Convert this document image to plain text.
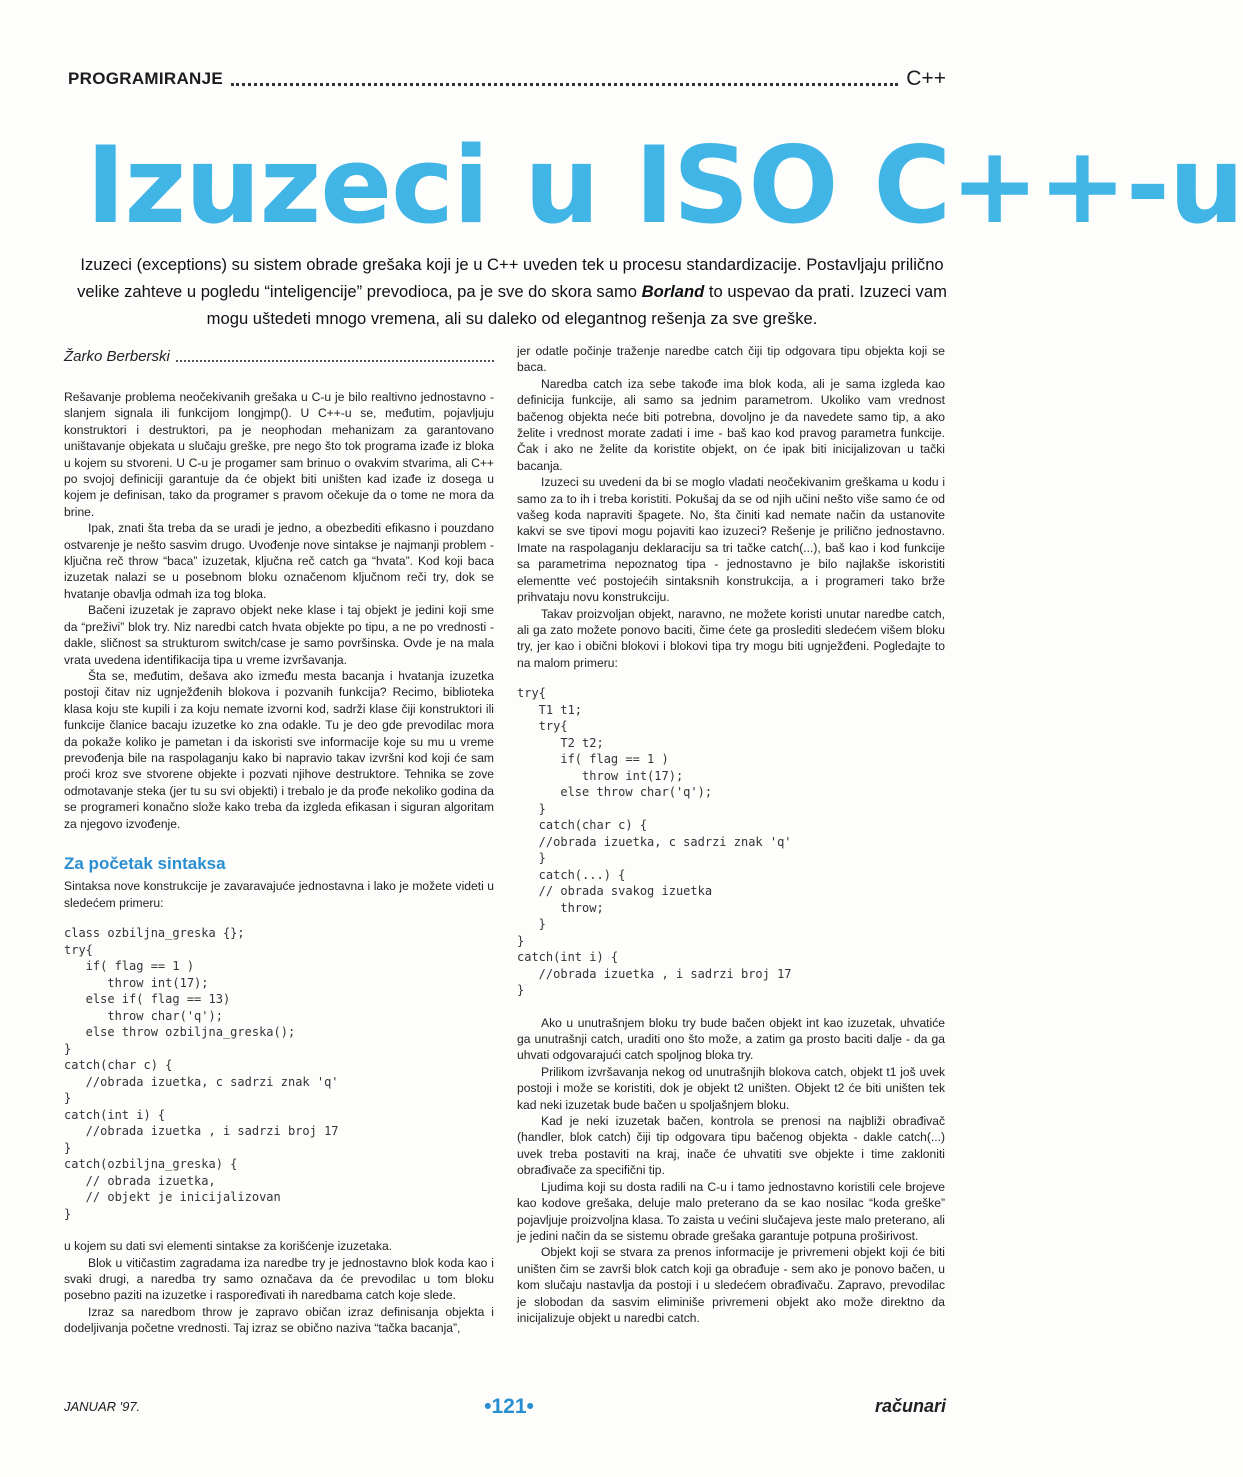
PROGRAMIRANJE	C++
Izuzeci u ISO C++-u

Izuzeci (exceptions) su sistem obrade grešaka koji je u C++ uveden tek u procesu standardizacije. Postavljaju prilično velike zahteve u pogledu “inteligencije” prevodioca, pa je sve do skora samo Borland to uspevao da prati. Izuzeci vam mogu uštedeti mnogo vremena, ali su daleko od elegantnog rešenja za sve greške.

Žarko Berberski

Rešavanje problema neočekivanih grešaka u C-u je bilo realtivno jednostavno - slanjem signala ili funkcijom longjmp(). U C++-u se, međutim, pojavljuju konstruktori i destruktori, pa je neophodan mehanizam za garantovano uništavanje objekata u slučaju greške, pre nego što tok programa izađe iz bloka u kojem su stvoreni. U C-u je progamer sam brinuo o ovakvim stvarima, ali C++ po svojoj definiciji garantuje da će objekt biti uništen kad izađe iz dosega u kojem je definisan, tako da programer s pravom očekuje da o tome ne mora da brine.

Ipak, znati šta treba da se uradi je jedno, a obezbediti efikasno i pouzdano ostvarenje je nešto sasvim drugo. Uvođenje nove sintakse je najmanji problem - ključna reč throw “baca” izuzetak, ključna reč catch ga “hvata”. Kod koji baca izuzetak nalazi se u posebnom bloku označenom ključnom reči try, dok se hvatanje obavlja odmah iza tog bloka.

Bačeni izuzetak je zapravo objekt neke klase i taj objekt je jedini koji sme da “preživi” blok try. Niz naredbi catch hvata objekte po tipu, a ne po vrednosti - dakle, sličnost sa strukturom switch/case je samo površinska. Ovde je na mala vrata uvedena identifikacija tipa u vreme izvršavanja.

Šta se, međutim, dešava ako između mesta bacanja i hvatanja izuzetka postoji čitav niz ugnježđenih blokova i pozvanih funkcija? Recimo, biblioteka klasa koju ste kupili i za koju nemate izvorni kod, sadrži klase čiji konstruktori ili funkcije članice bacaju izuzetke ko zna odakle. Tu je deo gde prevodilac mora da pokaže koliko je pametan i da iskoristi sve informacije koje su mu u vreme prevođenja bile na raspolaganju kako bi napravio takav izvršni kod koji će sam proći kroz sve stvorene objekte i pozvati njihove destruktore. Tehnika se zove odmotavanje steka (jer tu su svi objekti) i trebalo je da prođe nekoliko godina da se programeri konačno slože kako treba da izgleda efikasan i siguran algoritam za njegovo izvođenje.

Za početak sintaksa

Sintaksa nove konstrukcije je zavaravajuće jednostavna i lako je možete videti u sledećem primeru:

class ozbiljna_greska {};
try{
if( flag == 1 )
throw int(17);
else if( flag == 13)
throw char('q');
else throw ozbiljna_greska();
}
catch(char c) {
//obrada izuetka, c sadrzi znak 'q'
}
catch(int i) {
//obrada izuetka , i sadrzi broj 17
}
catch(ozbiljna_greska) {
// obrada izuetka,
// objekt je inicijalizovan
}

u kojem su dati svi elementi sintakse za korišćenje izuzetaka.

Blok u vitičastim zagradama iza naredbe try je jednostavno blok koda kao i svaki drugi, a naredba try samo označava da će prevodilac u tom bloku posebno paziti na izuzetke i raspoređivati ih naredbama catch koje slede.

Izraz sa naredbom throw je zapravo običan izraz definisanja objekta i dodeljivanja početne vrednosti. Taj izraz se obično naziva “tačka bacanja”,

jer odatle počinje traženje naredbe catch čiji tip odgovara tipu objekta koji se baca.

Naredba catch iza sebe takođe ima blok koda, ali je sama izgleda kao definicija funkcije, ali samo sa jednim parametrom. Ukoliko vam vrednost bačenog objekta neće biti potrebna, dovoljno je da navedete samo tip, a ako želite i vrednost morate zadati i ime - baš kao kod pravog parametra funkcije. Čak i ako ne želite da koristite objekt, on će ipak biti inicijalizovan u tački bacanja.

Izuzeci su uvedeni da bi se moglo vladati neočekivanim greškama u kodu i samo za to ih i treba koristiti. Pokušaj da se od njih učini nešto više samo će od vašeg koda napraviti špagete. No, šta činiti kad nemate način da ustanovite kakvi se sve tipovi mogu pojaviti kao izuzeci? Rešenje je prilično jednostavno. Imate na raspolaganju deklaraciju sa tri tačke catch(...), baš kao i kod funkcije sa parametrima nepoznatog tipa - jednostavno je bilo najlakše iskoristiti elementte već postojećih sintaksnih konstrukcija, a i programeri tako brže prihvataju novu konstrukciju.

Takav proizvoljan objekt, naravno, ne možete koristi unutar naredbe catch, ali ga zato možete ponovo baciti, čime ćete ga proslediti sledećem višem bloku try, jer kao i obični blokovi i blokovi tipa try mogu biti ugnježđeni. Pogledajte to na malom primeru:

try{
T1 t1;
try{
T2 t2;
if( flag == 1 )
throw int(17);
else throw char('q');
}
catch(char c) {
//obrada izuetka, c sadrzi znak 'q'
}
catch(...) {
// obrada svakog izuetka
throw;
}
}
catch(int i) {
//obrada izuetka , i sadrzi broj 17
}

Ako u unutrašnjem bloku try bude bačen objekt int kao izuzetak, uhvatiće ga unutrašnji catch, uraditi ono što može, a zatim ga prosto baciti dalje - da ga uhvati odgovarajući catch spoljnog bloka try.

Prilikom izvršavanja nekog od unutrašnjih blokova catch, objekt t1 još uvek postoji i može se koristiti, dok je objekt t2 uništen. Objekt t2 će biti uništen tek kad neki izuzetak bude bačen u spoljašnjem bloku.

Kad je neki izuzetak bačen, kontrola se prenosi na najbliži obrađivač (handler, blok catch) čiji tip odgovara tipu bačenog objekta - dakle catch(...) uvek treba postaviti na kraj, inače će uhvatiti sve objekte i time zakloniti obrađivače za specifični tip.

Ljudima koji su dosta radili na C-u i tamo jednostavno koristili cele brojeve kao kodove grešaka, deluje malo preterano da se kao nosilac “koda greške” pojavljuje proizvoljna klasa. To zaista u većini slučajeva jeste malo preterano, ali je jedini način da se sistemu obrade grešaka garantuje potpuna proširivost.

Objekt koji se stvara za prenos informacije je privremeni objekt koji će biti uništen čim se završi blok catch koji ga obrađuje - sem ako je ponovo bačen, u kom slučaju nastavlja da postoji i u sledećem obrađivaču. Zapravo, prevodilac je slobodan da sasvim eliminiše privremeni objekt ako može direktno da inicijalizuje objekt u naredbi catch.

JANUAR '97.	•121•	računari
